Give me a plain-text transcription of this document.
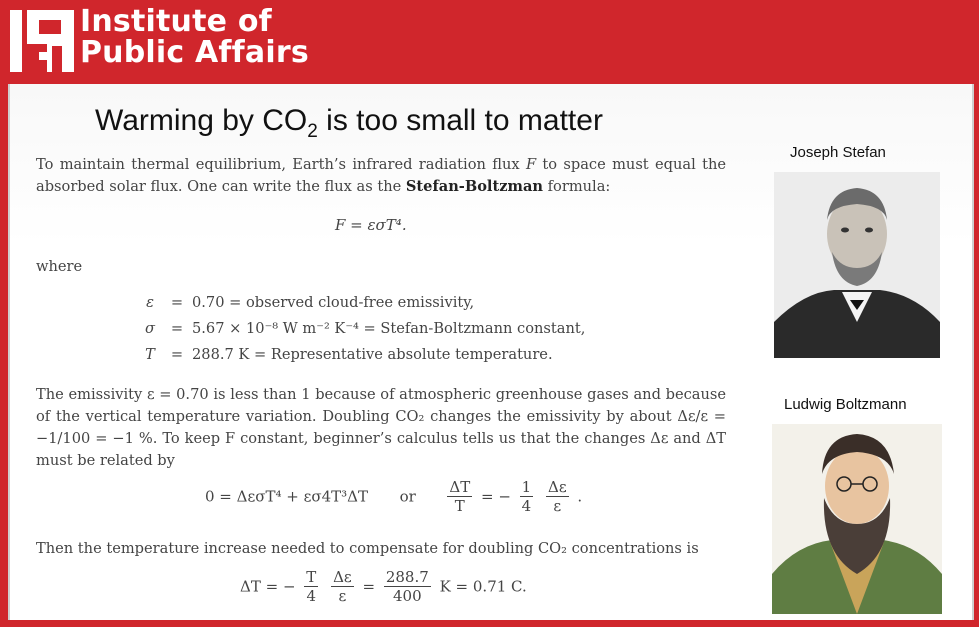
Institute of
Public Affairs
Warming by $CO_2$ is too small to matter
To maintain thermal equilibrium, Earth’s infrared radiation flux F to space must equal the absorbed solar flux. One can write the flux as the Stefan-Boltzman formula:
F = εσT⁴.
where
ε = 0.70 = observed cloud-free emissivity,
σ = 5.67 × 10⁻⁸ W m⁻² K⁻⁴ = Stefan-Boltzmann constant,
T = 288.7 K = Representative absolute temperature.
The emissivity ε = 0.70 is less than 1 because of atmospheric greenhouse gases and because of the vertical temperature variation. Doubling CO₂ changes the emissivity by about Δε/ε = −1/100 = −1 %. To keep F constant, beginner’s calculus tells us that the changes Δε and ΔT must be related by
0 = ΔεσT⁴ + εσ4T³ΔT or $\frac{\Delta T}{T}$ = − $\frac{1}{4}$
$\frac{\Delta\varepsilon}{\varepsilon}$ .
Then the temperature increase needed to compensate for doubling CO₂ concentrations is
ΔT = − $\frac{T}{4}$
$\frac{\Delta\varepsilon}{\varepsilon} = \frac{288.7}{400}$ K = 0.71 C.
Joseph Stefan
Ludwig Boltzmann
